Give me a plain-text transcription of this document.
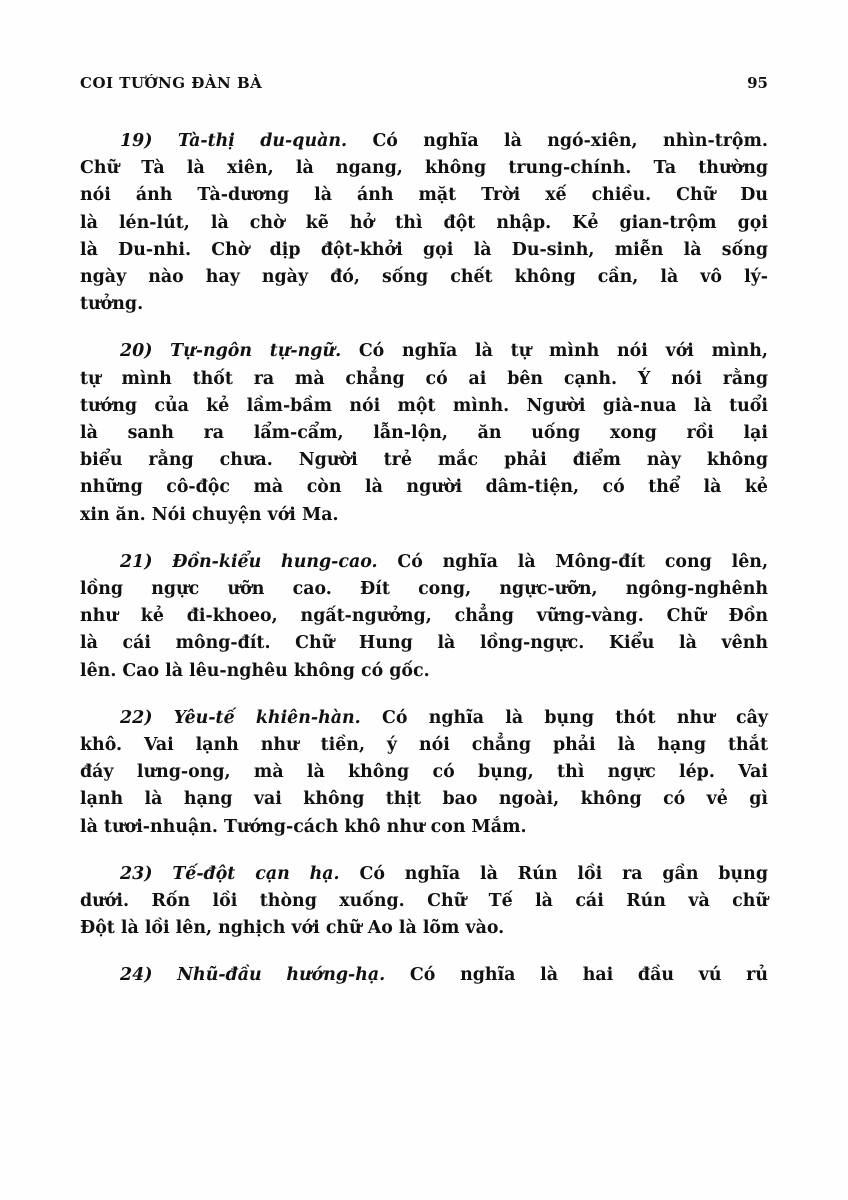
COI TƯỚNG ĐÀN BÀ	95
19) Tà-thị du-quàn. Có nghĩa là ngó-xiên, nhìn-trộm.
Chữ Tà là xiên, là ngang, không trung-chính. Ta thường
nói ánh Tà-dương là ánh mặt Trời xế chiều. Chữ Du
là lén-lút, là chờ kẽ hở thì đột nhập. Kẻ gian-trộm gọi
là Du-nhi. Chờ dịp đột-khởi gọi là Du-sinh, miễn là sống
ngày nào hay ngày đó, sống chết không cần, là vô lý-
tưởng.
20) Tự-ngôn tự-ngữ. Có nghĩa là tự mình nói với mình,
tự mình thốt ra mà chẳng có ai bên cạnh. Ý nói rằng
tướng của kẻ lầm-bầm nói một mình. Người già-nua là tuổi
là sanh ra lẩm-cẩm, lẫn-lộn, ăn uống xong rồi lại
biểu rằng chưa. Người trẻ mắc phải điểm này không
những cô-độc mà còn là người dâm-tiện, có thể là kẻ
xin ăn. Nói chuyện với Ma.
21) Đồn-kiểu hung-cao. Có nghĩa là Mông-đít cong lên,
lồng ngực ưỡn cao. Đít cong, ngực-ưỡn, ngông-nghênh
như kẻ đi-khoeo, ngất-ngưởng, chẳng vững-vàng. Chữ Đồn
là cái mông-đít. Chữ Hung là lồng-ngực. Kiểu là vênh
lên. Cao là lêu-nghêu không có gốc.
22) Yêu-tế khiên-hàn. Có nghĩa là bụng thót như cây
khô. Vai lạnh như tiền, ý nói chẳng phải là hạng thắt
đáy lưng-ong, mà là không có bụng, thì ngực lép. Vai
lạnh là hạng vai không thịt bao ngoài, không có vẻ gì
là tươi-nhuận. Tướng-cách khô như con Mắm.
23) Tế-đột cạn hạ. Có nghĩa là Rún lồi ra gần bụng
dưới. Rốn lồi thòng xuống. Chữ Tế là cái Rún và chữ
Đột là lồi lên, nghịch với chữ Ao là lõm vào.
24) Nhũ-đầu hướng-hạ. Có nghĩa là hai đầu vú rủ
